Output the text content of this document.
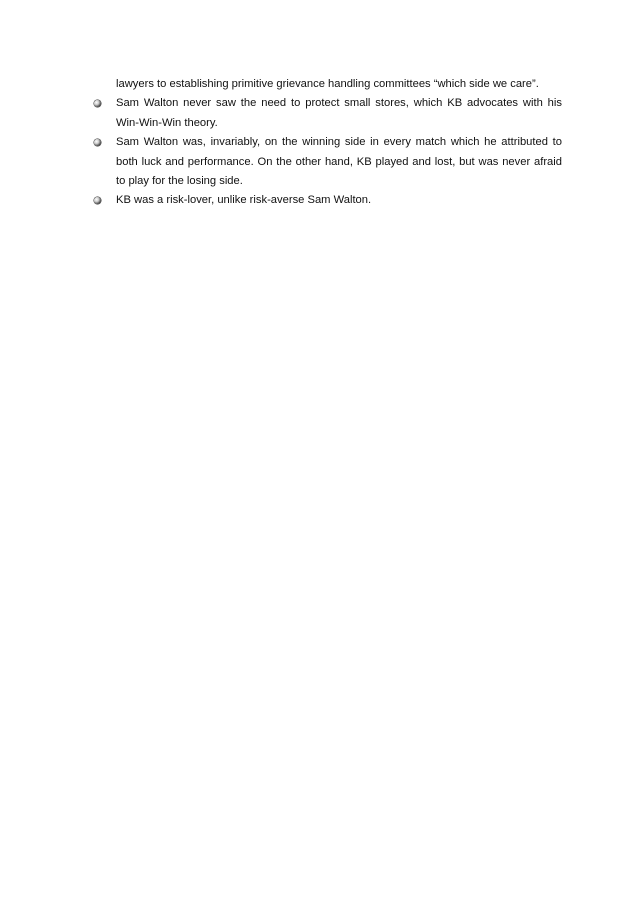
lawyers to establishing primitive grievance handling committees “which side we care”.

Sam Walton never saw the need to protect small stores, which KB advocates with his Win-Win-Win theory.
Sam Walton was, invariably, on the winning side in every match which he attributed to both luck and performance. On the other hand, KB played and lost, but was never afraid to play for the losing side.
KB was a risk-lover, unlike risk-averse Sam Walton.
